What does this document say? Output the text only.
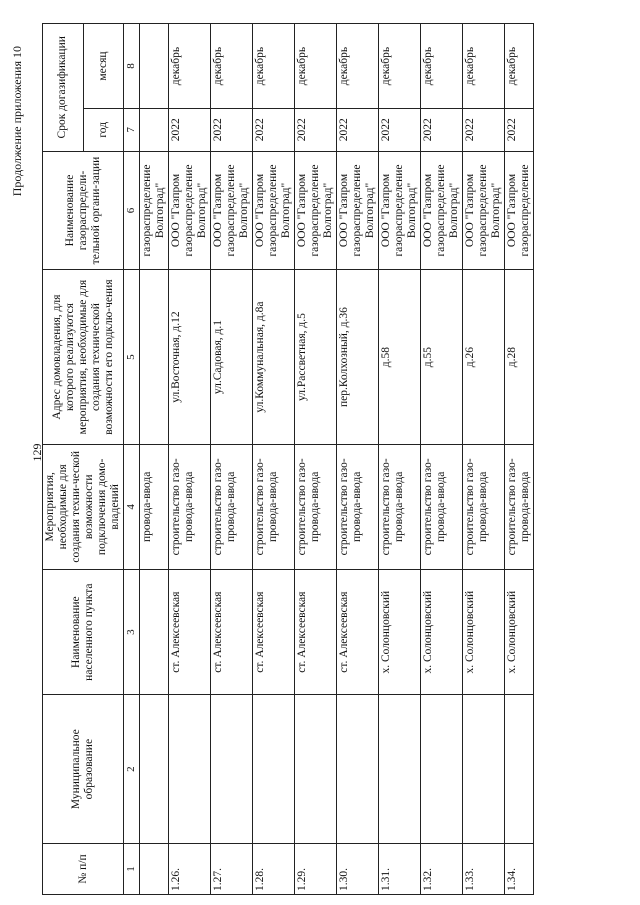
129
Продолжение приложения 10
№ п/п	Муниципальное образование	Наименование населенного пункта	Мероприятия, необходимые для создания техни-ческой возможности подключения домо-владений	Адрес домовладения, для которого реализуются мероприятия, необходимые для создания технической возможности его подклю-чения	Наименование газораспредели-тельной органи-зации	Срок догазификации	
						год	месяц
1	2	3	4	5	6	7	8
			провода-ввода		газораспределение Волгоград"		
1.26.		ст. Алексеевская	строительство газо-провода-ввода	ул.Восточная, д.12	ООО "Газпром газораспределение Волгоград"	2022	декабрь
1.27.		ст. Алексеевская	строительство газо-провода-ввода	ул.Садовая, д.1	ООО "Газпром газораспределение Волгоград"	2022	декабрь
1.28.		ст. Алексеевская	строительство газо-провода-ввода	ул.Коммунальная, д.8а	ООО "Газпром газораспределение Волгоград"	2022	декабрь
1.29.		ст. Алексеевская	строительство газо-провода-ввода	ул.Рассветная, д.5	ООО "Газпром газораспределение Волгоград"	2022	декабрь
1.30.		ст. Алексеевская	строительство газо-провода-ввода	пер.Колхозный, д.36	ООО "Газпром газораспределение Волгоград"	2022	декабрь
1.31.		х. Солонцовский	строительство газо-провода-ввода	д.58	ООО "Газпром газораспределение Волгоград"	2022	декабрь
1.32.		х. Солонцовский	строительство газо-провода-ввода	д.55	ООО "Газпром газораспределение Волгоград"	2022	декабрь
1.33.		х. Солонцовский	строительство газо-провода-ввода	д.26	ООО "Газпром газораспределение Волгоград"	2022	декабрь
1.34.		х. Солонцовский	строительство газо-провода-ввода	д.28	ООО "Газпром газораспределение	2022	декабрь
